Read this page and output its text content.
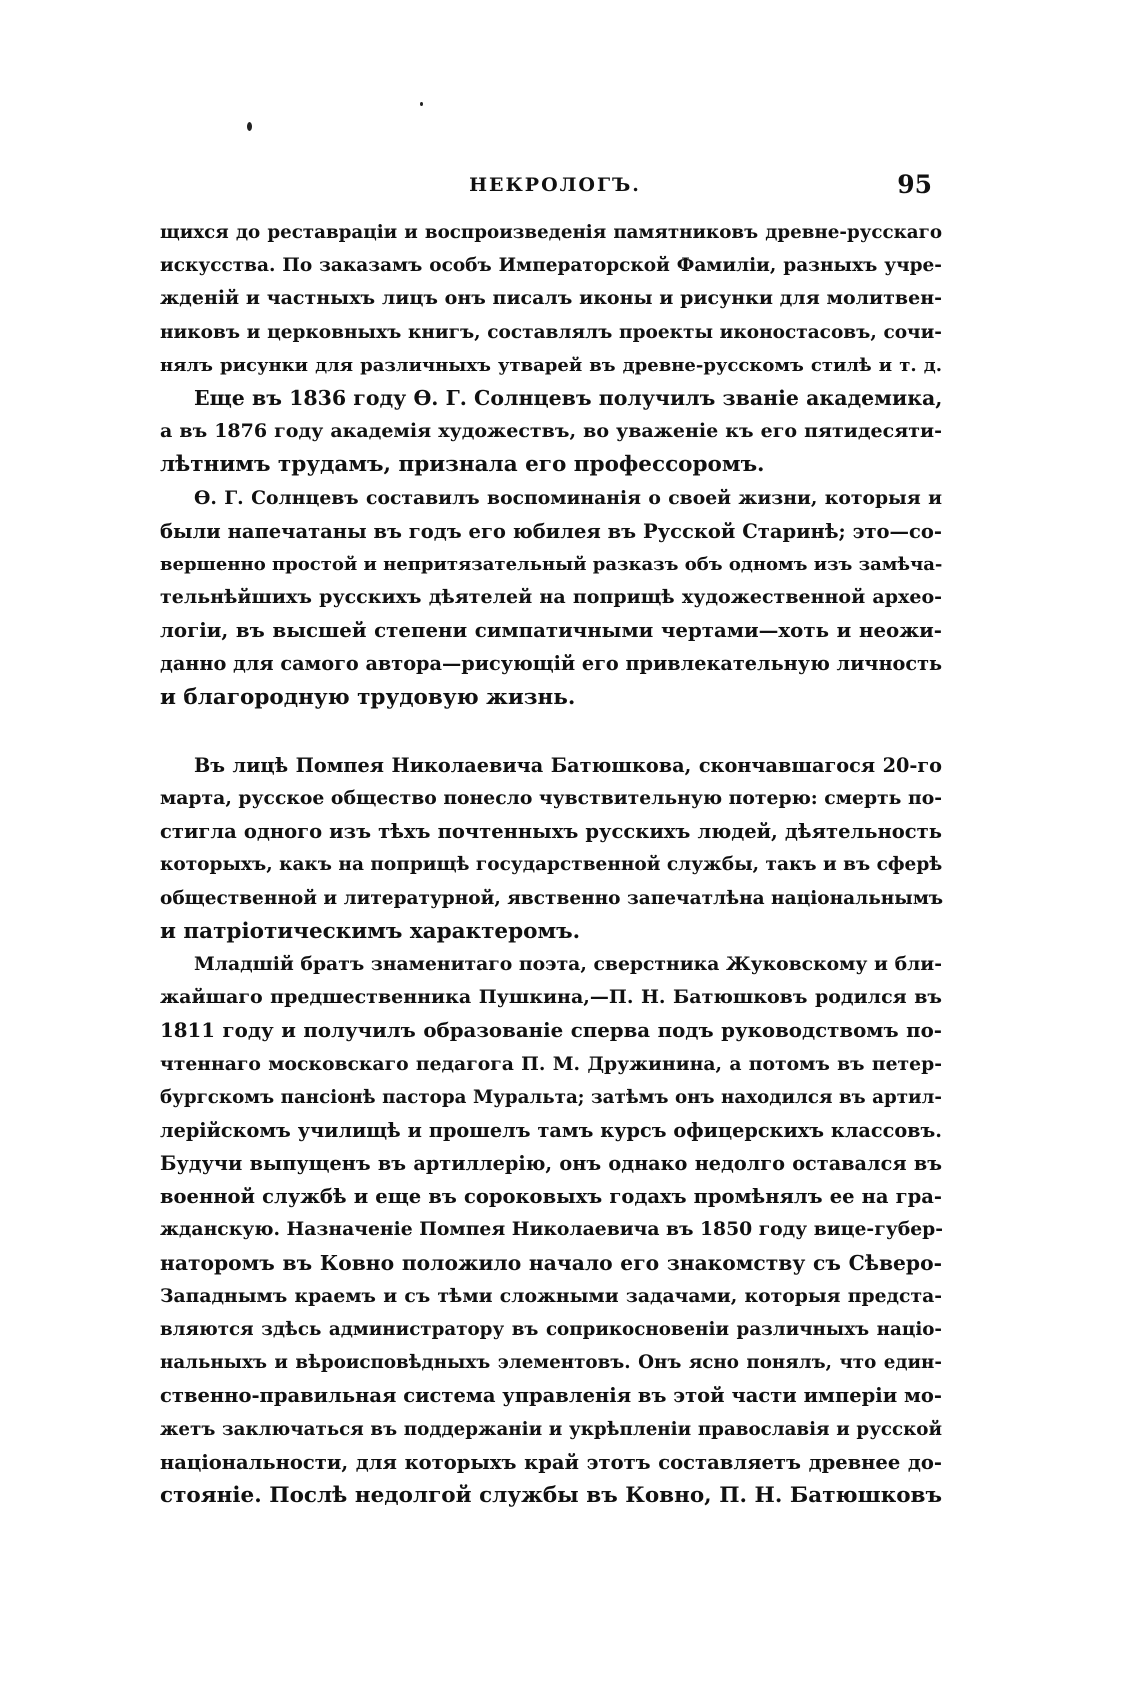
НЕКРОЛОГЪ.	95
щихся до реставраціи и воспроизведенія памятниковъ древне-русскаго
искусства. По заказамъ особъ Императорской Фамиліи, разныхъ учре-
жденій и частныхъ лицъ онъ писалъ иконы и рисунки для молитвен-
никовъ и церковныхъ книгъ, составлялъ проекты иконостасовъ, сочи-
нялъ рисунки для различныхъ утварей въ древне-русскомъ стилѣ и т. д.
Еще въ 1836 году Ѳ. Г. Солнцевъ получилъ званіе академика,
а въ 1876 году академія художествъ, во уваженіе къ его пятидесяти-
лѣтнимъ трудамъ, признала его профессоромъ.
Ѳ. Г. Солнцевъ составилъ воспоминанія о своей жизни, которыя и
были напечатаны въ годъ его юбилея въ Русской Старинѣ; это—со-
вершенно простой и непритязательный разказъ объ одномъ изъ замѣча-
тельнѣйшихъ русскихъ дѣятелей на поприщѣ художественной архео-
логіи, въ высшей степени симпатичными чертами—хоть и неожи-
данно для самого автора—рисующій его привлекательную личность
и благородную трудовую жизнь.
Въ лицѣ Помпея Николаевича Батюшкова, скончавшагося 20-го
марта, русское общество понесло чувствительную потерю: смерть по-
стигла одного изъ тѣхъ почтенныхъ русскихъ людей, дѣятельность
которыхъ, какъ на поприщѣ государственной службы, такъ и въ сферѣ
общественной и литературной, явственно запечатлѣна національнымъ
и патріотическимъ характеромъ.
Младшій братъ знаменитаго поэта, сверстника Жуковскому и бли-
жайшаго предшественника Пушкина,—П. Н. Батюшковъ родился въ
1811 году и получилъ образованіе сперва подъ руководствомъ по-
чтеннаго московскаго педагога П. М. Дружинина, а потомъ въ петер-
бургскомъ пансіонѣ пастора Муральта; затѣмъ онъ находился въ артил-
лерійскомъ училищѣ и прошелъ тамъ курсъ офицерскихъ классовъ.
Будучи выпущенъ въ артиллерію, онъ однако недолго оставался въ
военной службѣ и еще въ сороковыхъ годахъ промѣнялъ ее на гра-
жданскую. Назначеніе Помпея Николаевича въ 1850 году вице-губер-
наторомъ въ Ковно положило начало его знакомству съ Сѣверо-
Западнымъ краемъ и съ тѣми сложными задачами, которыя предста-
вляются здѣсь администратору въ соприкосновеніи различныхъ націо-
нальныхъ и вѣроисповѣдныхъ элементовъ. Онъ ясно понялъ, что един-
ственно-правильная система управленія въ этой части имперіи мо-
жетъ заключаться въ поддержаніи и укрѣпленіи православія и русской
національности, для которыхъ край этотъ составляетъ древнее до-
стояніе. Послѣ недолгой службы въ Ковно, П. Н. Батюшковъ
